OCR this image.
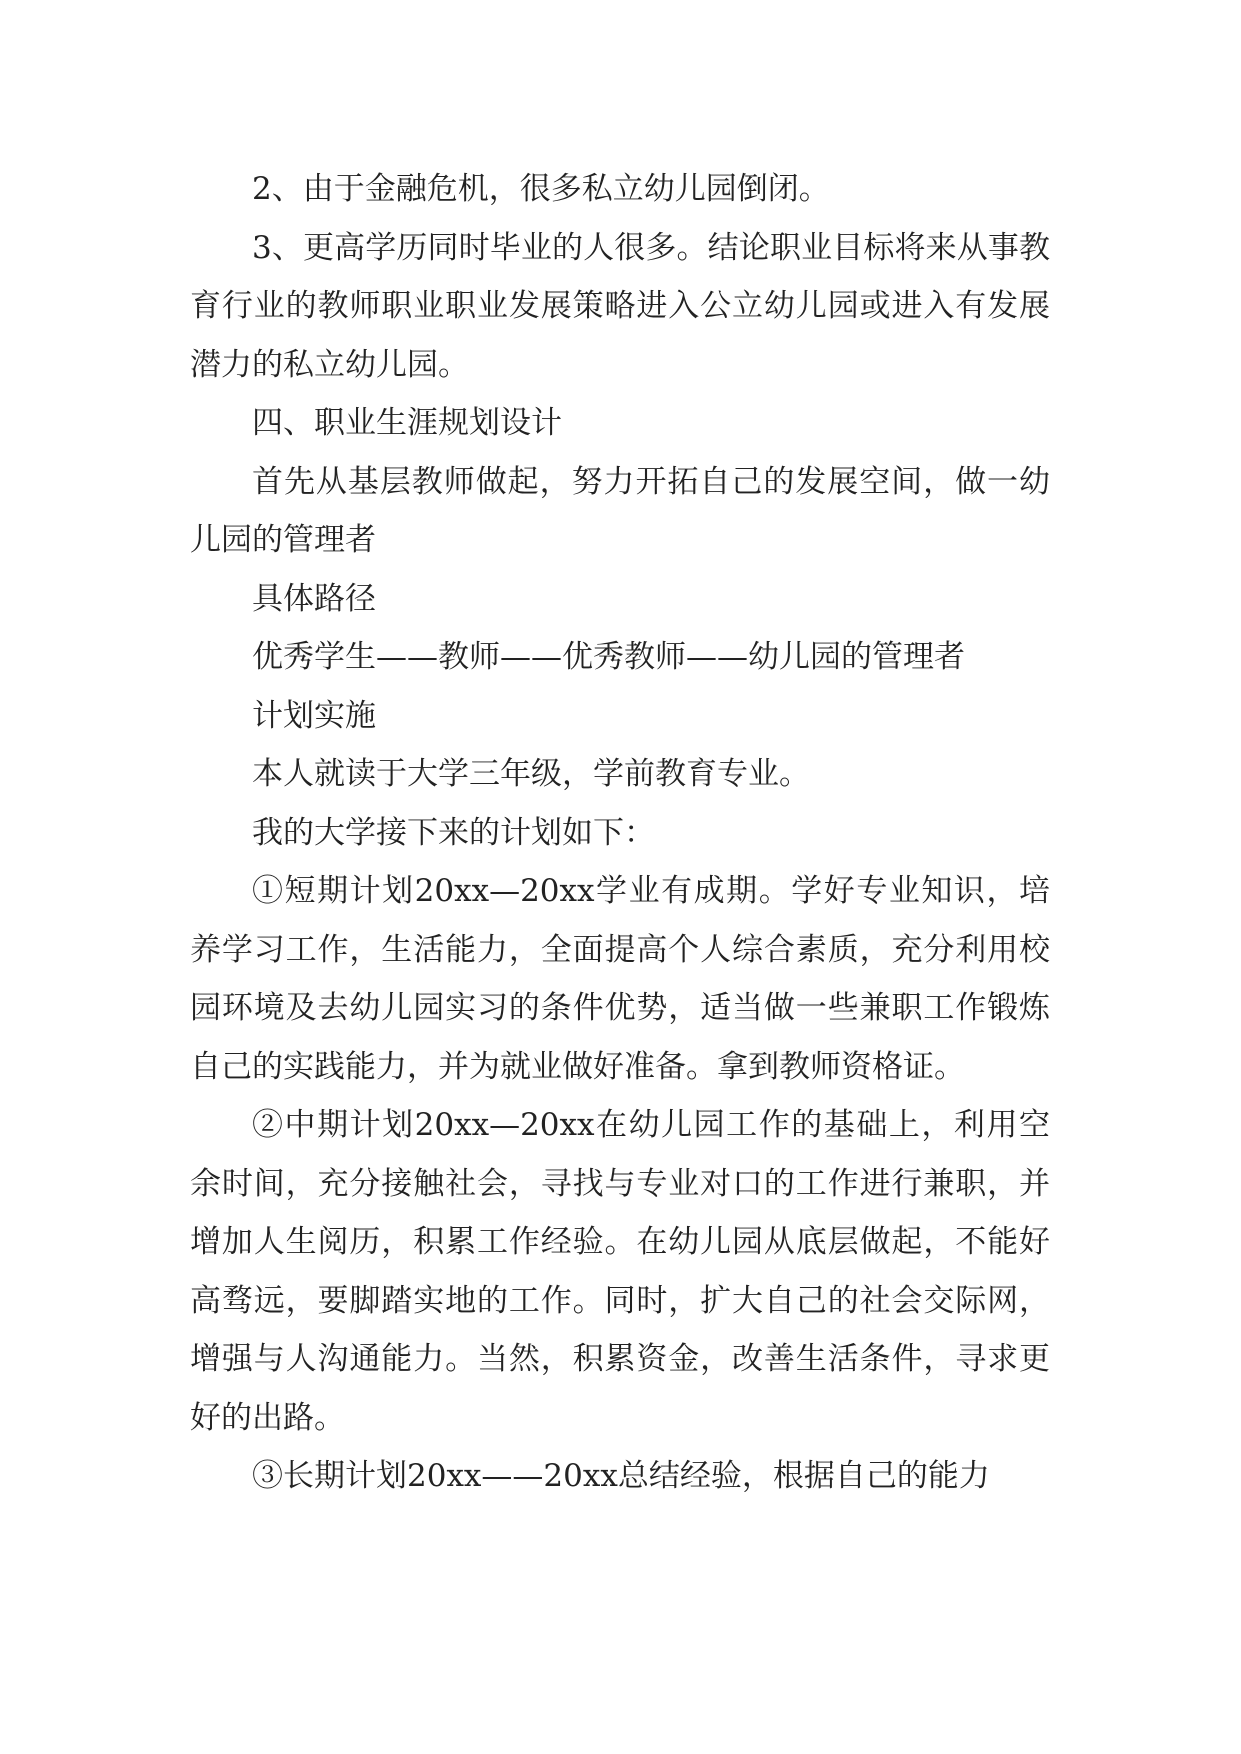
2、由于金融危机，很多私立幼儿园倒闭。

3、更高学历同时毕业的人很多。结论职业目标将来从事教育行业的教师职业职业发展策略进入公立幼儿园或进入有发展潜力的私立幼儿园。

四、职业生涯规划设计

首先从基层教师做起，努力开拓自己的发展空间，做一幼儿园的管理者

具体路径

优秀学生——教师——优秀教师——幼儿园的管理者

计划实施

本人就读于大学三年级，学前教育专业。

我的大学接下来的计划如下：

①短期计划20xx—20xx学业有成期。学好专业知识，培养学习工作，生活能力，全面提高个人综合素质，充分利用校园环境及去幼儿园实习的条件优势，适当做一些兼职工作锻炼自己的实践能力，并为就业做好准备。拿到教师资格证。

②中期计划20xx—20xx在幼儿园工作的基础上，利用空余时间，充分接触社会，寻找与专业对口的工作进行兼职，并增加人生阅历，积累工作经验。在幼儿园从底层做起，不能好高骛远，要脚踏实地的工作。同时，扩大自己的社会交际网，增强与人沟通能力。当然，积累资金，改善生活条件，寻求更好的出路。

③长期计划20xx——20xx总结经验，根据自己的能力
